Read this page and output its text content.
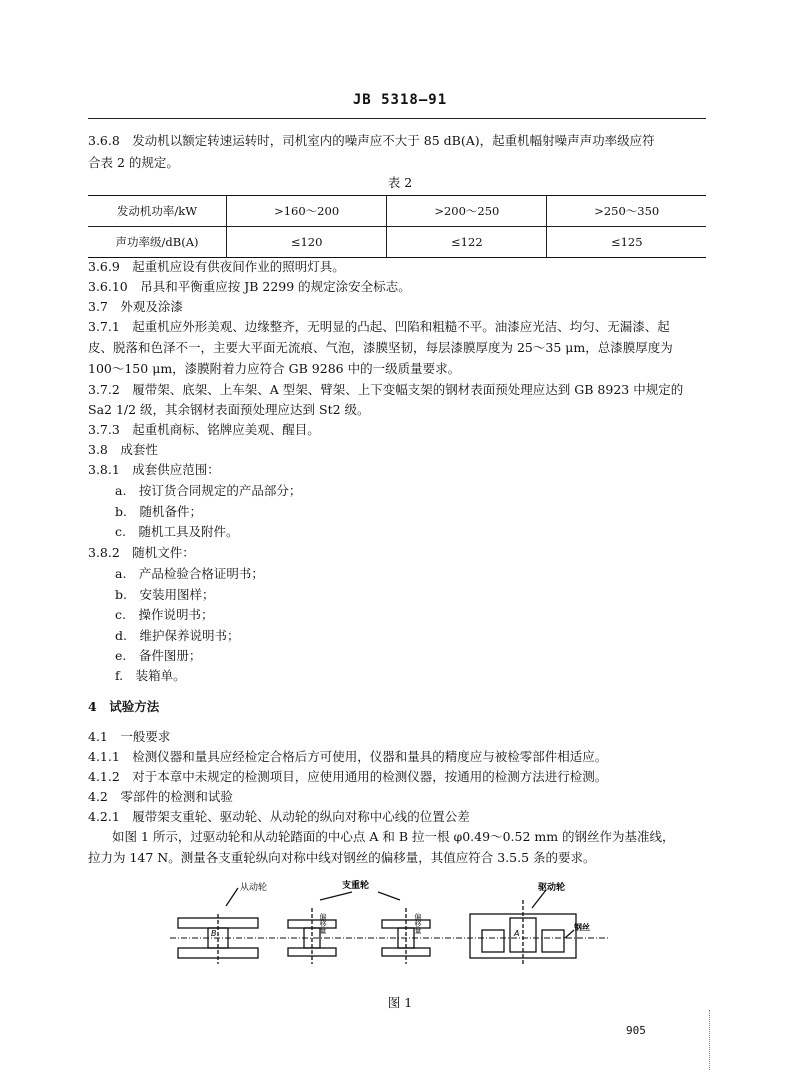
JB 5318—91
3.6.8　发动机以额定转速运转时，司机室内的噪声应不大于 85 dB(A)，起重机幅射噪声声功率级应符
合表 2 的规定。
表 2
发动机功率/kW	>160～200	>200～250	>250～350
声功率级/dB(A)	≤120	≤122	≤125
3.6.9　起重机应设有供夜间作业的照明灯具。
3.6.10　吊具和平衡重应按 JB 2299 的规定涂安全标志。
3.7　外观及涂漆
3.7.1　起重机应外形美观、边缘整齐，无明显的凸起、凹陷和粗糙不平。油漆应光洁、均匀、无漏漆、起
皮、脱落和色泽不一，主要大平面无流痕、气泡，漆膜坚韧，每层漆膜厚度为 25～35 μm，总漆膜厚度为
100～150 μm，漆膜附着力应符合 GB 9286 中的一级质量要求。
3.7.2　履带架、底架、上车架、A 型架、臂架、上下变幅支架的钢材表面预处理应达到 GB 8923 中规定的
Sa2 1/2 级，其余钢材表面预处理应达到 St2 级。
3.7.3　起重机商标、铭牌应美观、醒目。
3.8　成套性
3.8.1　成套供应范围：
a.　按订货合同规定的产品部分；
b.　随机备件；
c.　随机工具及附件。
3.8.2　随机文件：
a.　产品检验合格证明书；
b.　安装用图样；
c.　操作说明书；
d.　维护保养说明书；
e.　备件图册；
f.　装箱单。
4　试验方法
4.1　一般要求
4.1.1　检测仪器和量具应经检定合格后方可使用，仪器和量具的精度应与被检零部件相适应。
4.1.2　对于本章中未规定的检测项目，应使用通用的检测仪器，按通用的检测方法进行检测。
4.2　零部件的检测和试验
4.2.1　履带架支重轮、驱动轮、从动轮的纵向对称中心线的位置公差
如图 1 所示，过驱动轮和从动轮踏面的中心点 A 和 B 拉一根 φ0.49～0.52 mm 的钢丝作为基准线，
拉力为 147 N。测量各支重轮纵向对称中线对钢丝的偏移量，其值应符合 3.5.5 条的要求。
从动轮
B
支重轮
偏移量	偏移量
驱动轮
钢丝
A
图 1
905
